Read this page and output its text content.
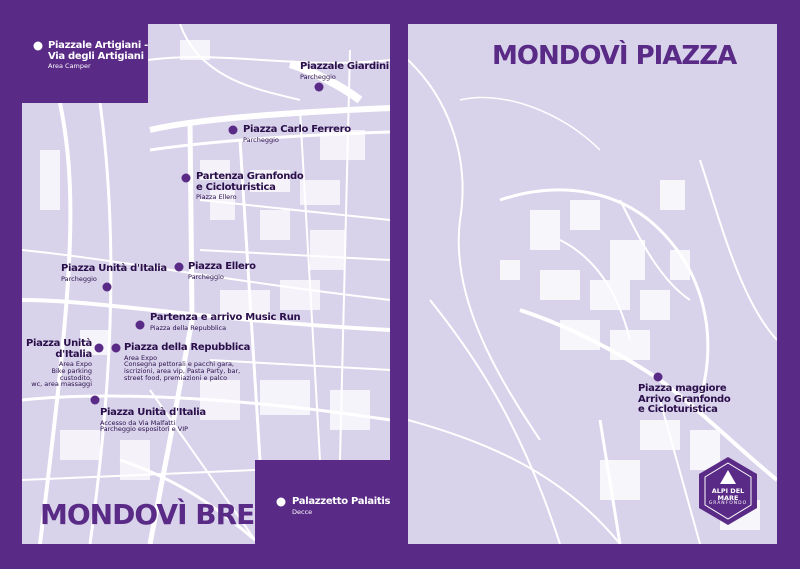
MONDOVÌ BREO
MONDOVÌ PIAZZA
ALPI DEL MARE
GRANFONDO
Piazzale Artigiani -
Via degli Artigiani
Area Camper
Palazzetto Palaitis
Decce
Piazzale Giardini
Parcheggio
Piazza Carlo Ferrero
Parcheggio
Partenza Granfondo
e Cicloturistica
Piazza Ellero
Piazza Ellero
Parcheggio
Piazza Unità d'Italia
Parcheggio
Partenza e arrivo Music Run
Piazza della Repubblica
Piazza Unità
d'Italia
Area Expo
Bike parking custodito,
wc, area massaggi
Piazza della Repubblica
Area Expo
Consegna pettorali e pacchi gara,
iscrizioni, area vip, Pasta Party, bar,
street food, premiazioni e palco
Piazza Unità d'Italia
Accesso da Via Malfatti
Parcheggio espositori e VIP
Piazza maggiore
Arrivo Granfondo
e Cicloturistica
